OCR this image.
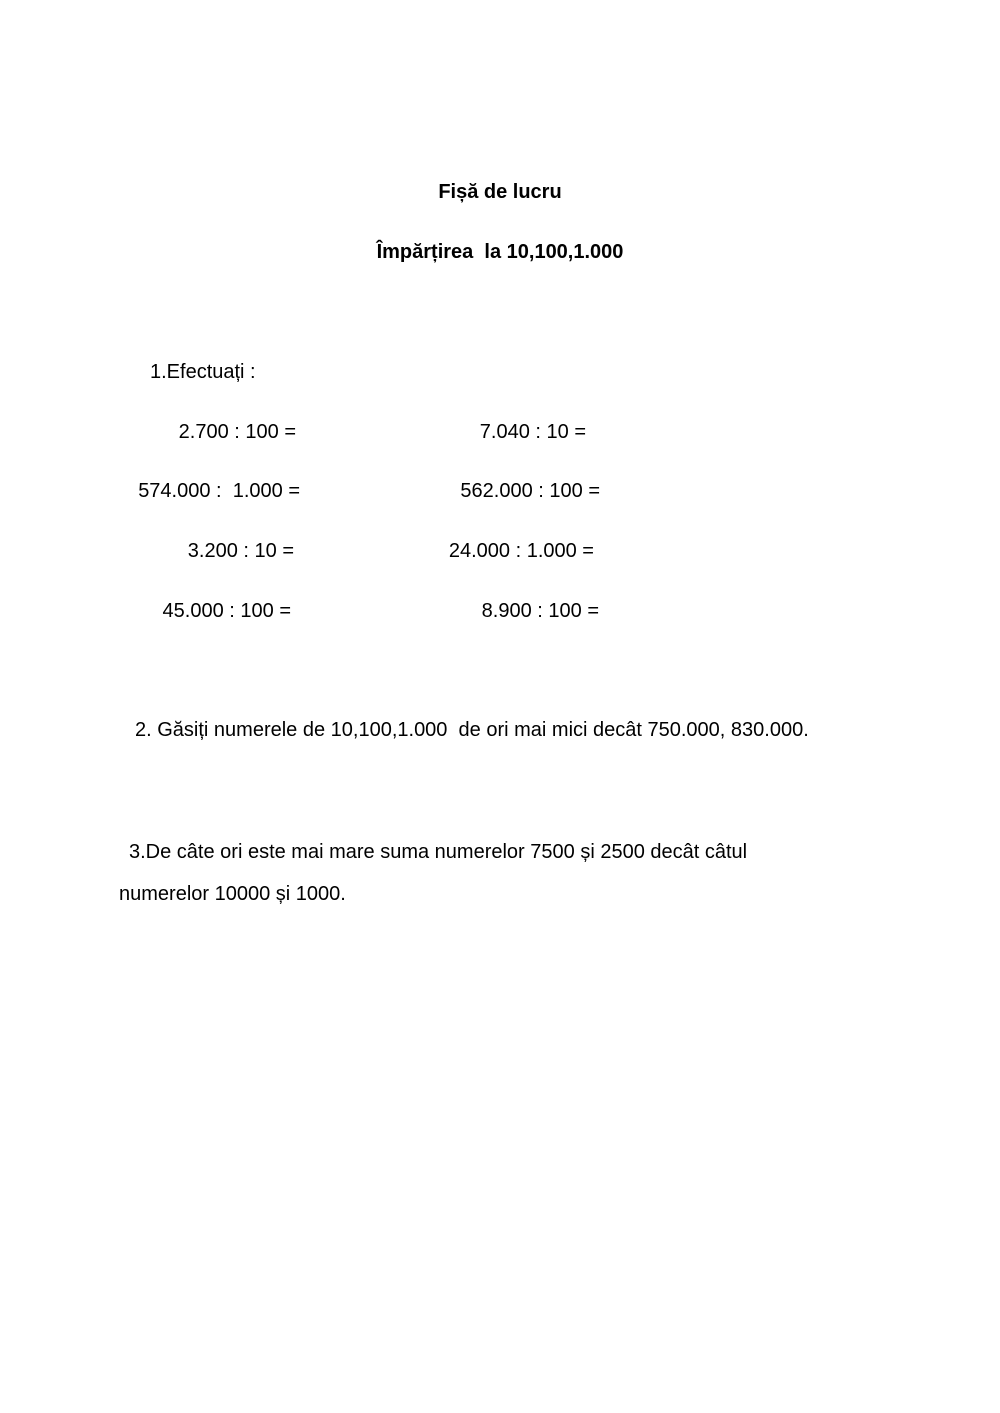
Fișă de lucru
Împărțirea  la 10,100,1.000

1.Efectuați :

2.700 : 100 =

574.000 :  1.000 =

3.200 : 10 =

45.000 : 100 =

7.040 : 10 =

562.000 : 100 =

24.000 : 1.000 =

8.900 : 100 =

2. Găsiți numerele de 10,100,1.000  de ori mai mici decât 750.000, 830.000.

3.De câte ori este mai mare suma numerelor 7500 și 2500 decât câtul

numerelor 10000 și 1000.
